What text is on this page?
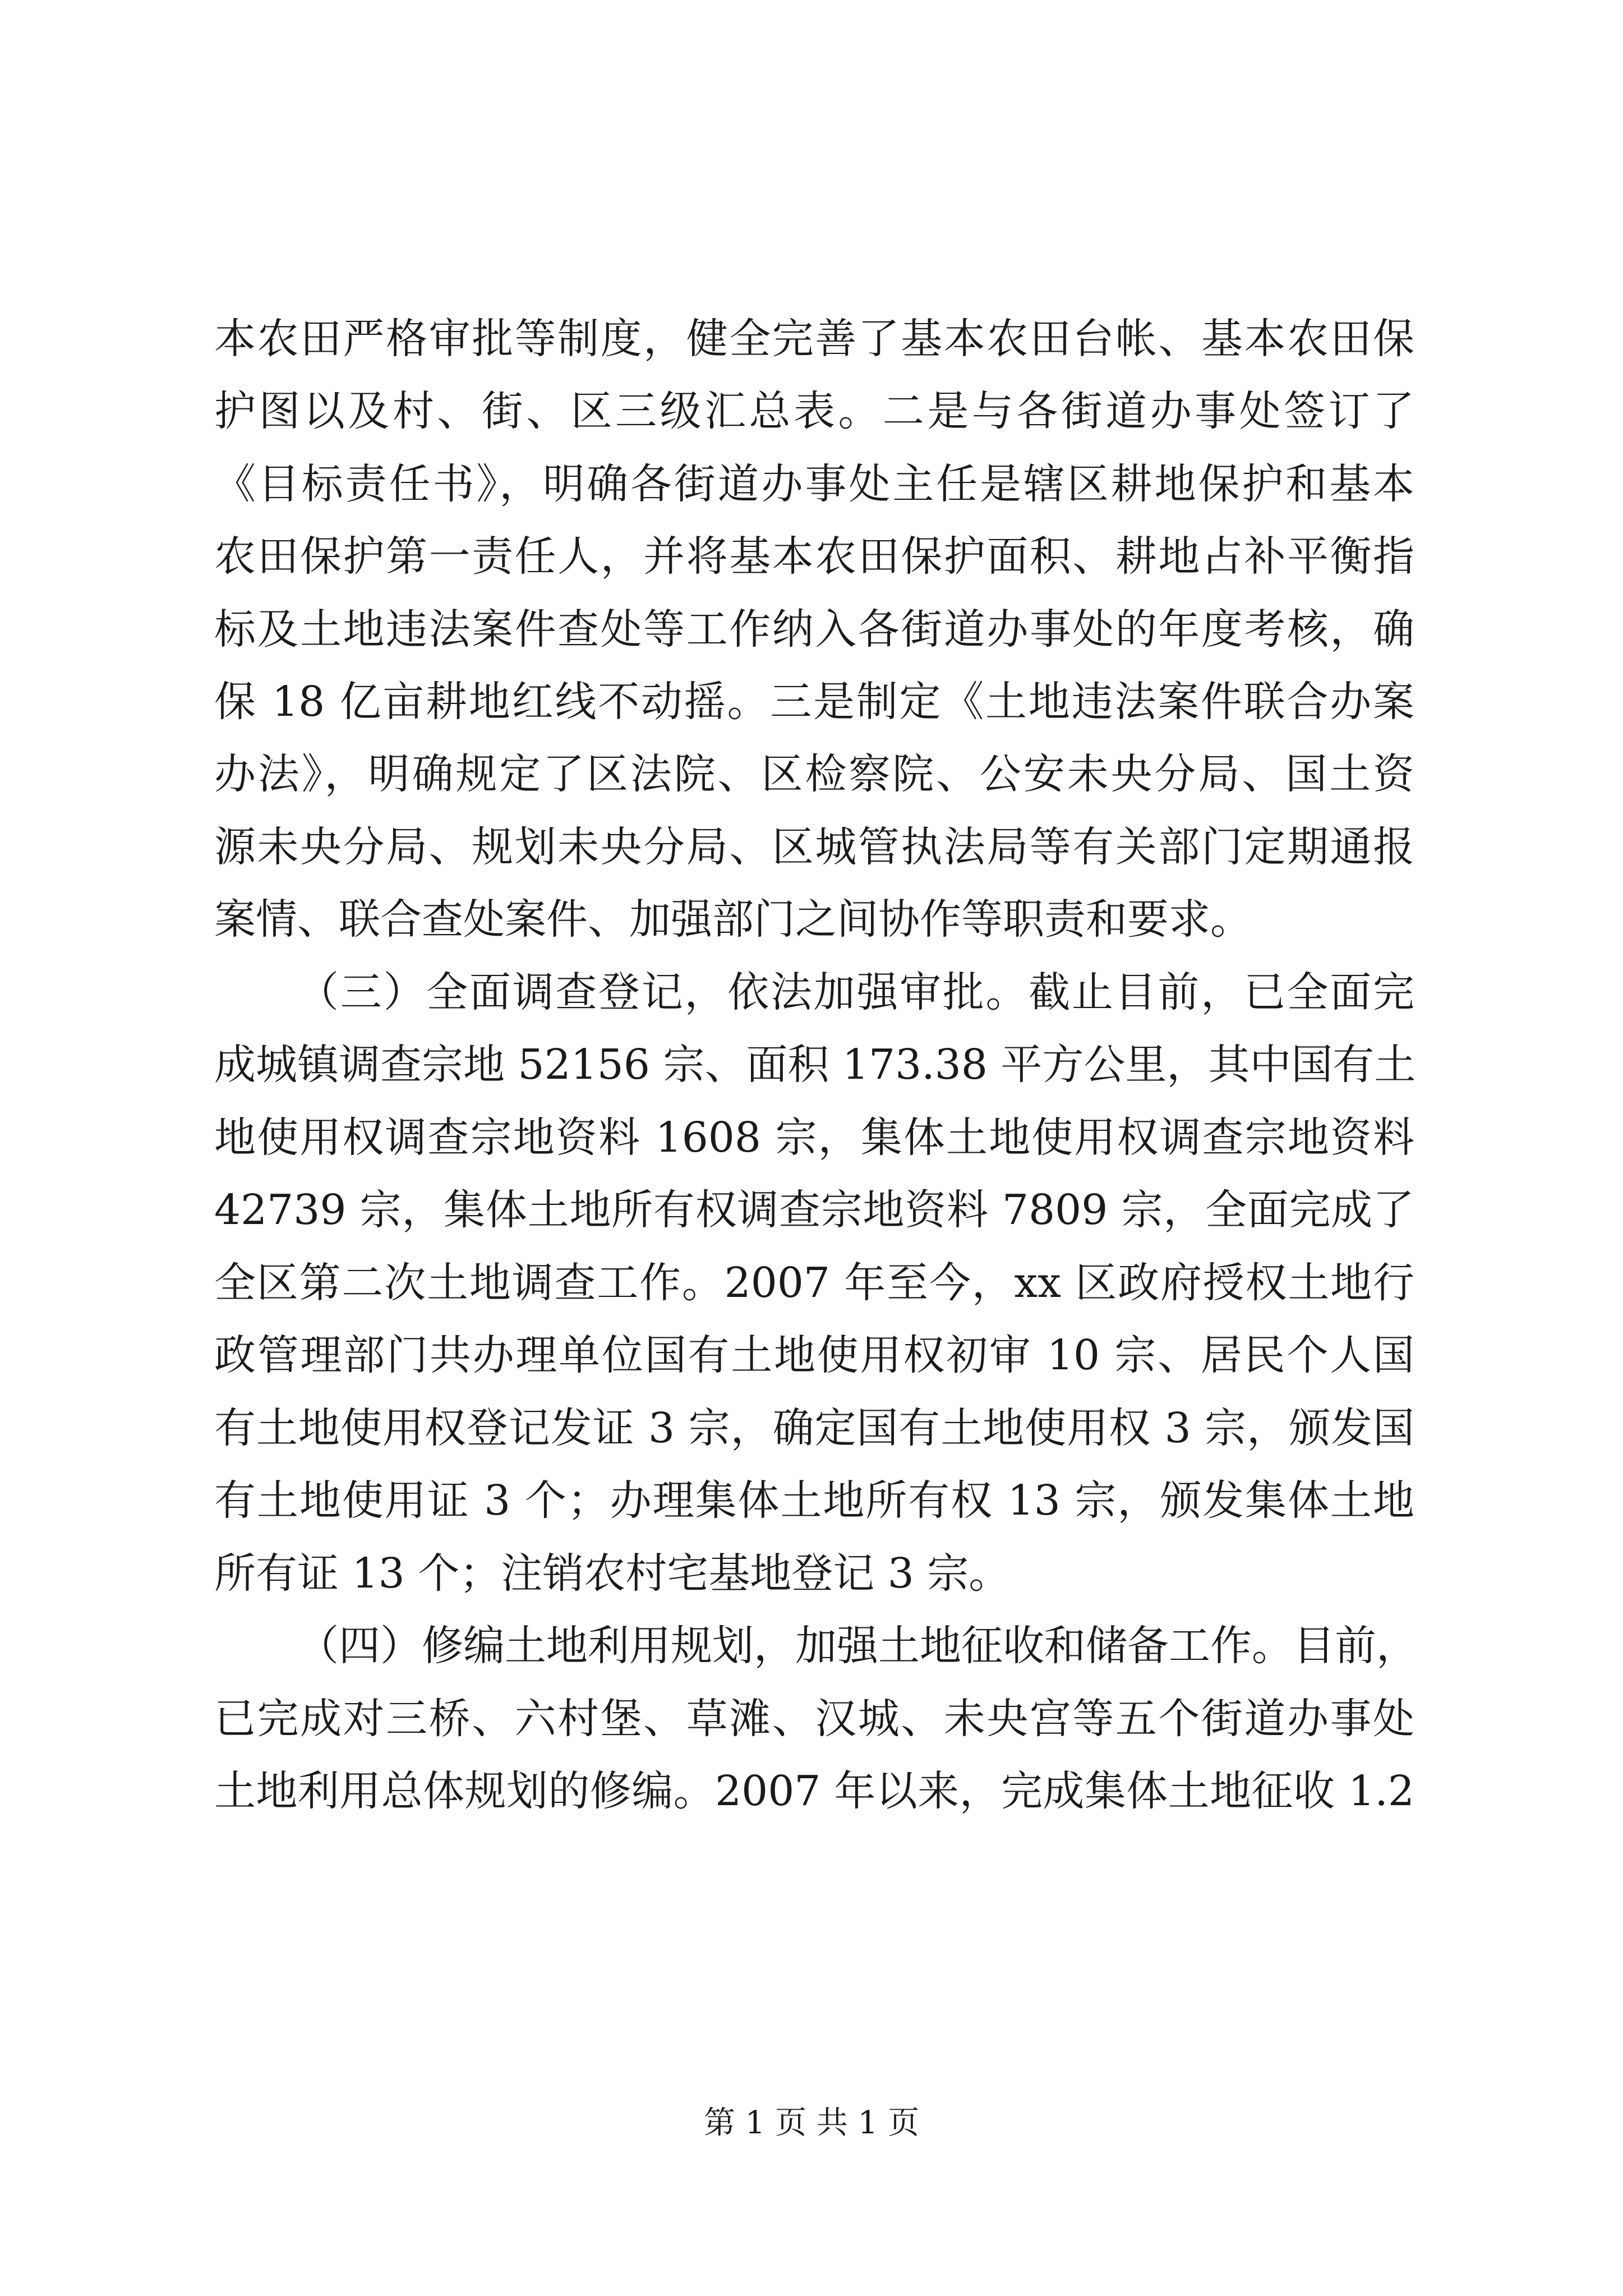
本农田严格审批等制度，健全完善了基本农田台帐、基本农田保
护图以及村、街、区三级汇总表。二是与各街道办事处签订了
《目标责任书》，明确各街道办事处主任是辖区耕地保护和基本
农田保护第一责任人，并将基本农田保护面积、耕地占补平衡指
标及土地违法案件查处等工作纳入各街道办事处的年度考核，确
保 18 亿亩耕地红线不动摇。三是制定《土地违法案件联合办案
办法》，明确规定了区法院、区检察院、公安未央分局、国土资
源未央分局、规划未央分局、区城管执法局等有关部门定期通报
案情、联合查处案件、加强部门之间协作等职责和要求。
（三）全面调查登记，依法加强审批。截止目前，已全面完
成城镇调查宗地 52156 宗、面积 173.38 平方公里，其中国有土
地使用权调查宗地资料 1608 宗，集体土地使用权调查宗地资料
42739 宗，集体土地所有权调查宗地资料 7809 宗，全面完成了
全区第二次土地调查工作。2007 年至今，xx 区政府授权土地行
政管理部门共办理单位国有土地使用权初审 10 宗、居民个人国
有土地使用权登记发证 3 宗，确定国有土地使用权 3 宗，颁发国
有土地使用证 3 个；办理集体土地所有权 13 宗，颁发集体土地
所有证 13 个；注销农村宅基地登记 3 宗。
（四）修编土地利用规划，加强土地征收和储备工作。目前，
已完成对三桥、六村堡、草滩、汉城、未央宫等五个街道办事处
土地利用总体规划的修编。2007 年以来，完成集体土地征收 1.2
第 1 页 共 1 页
